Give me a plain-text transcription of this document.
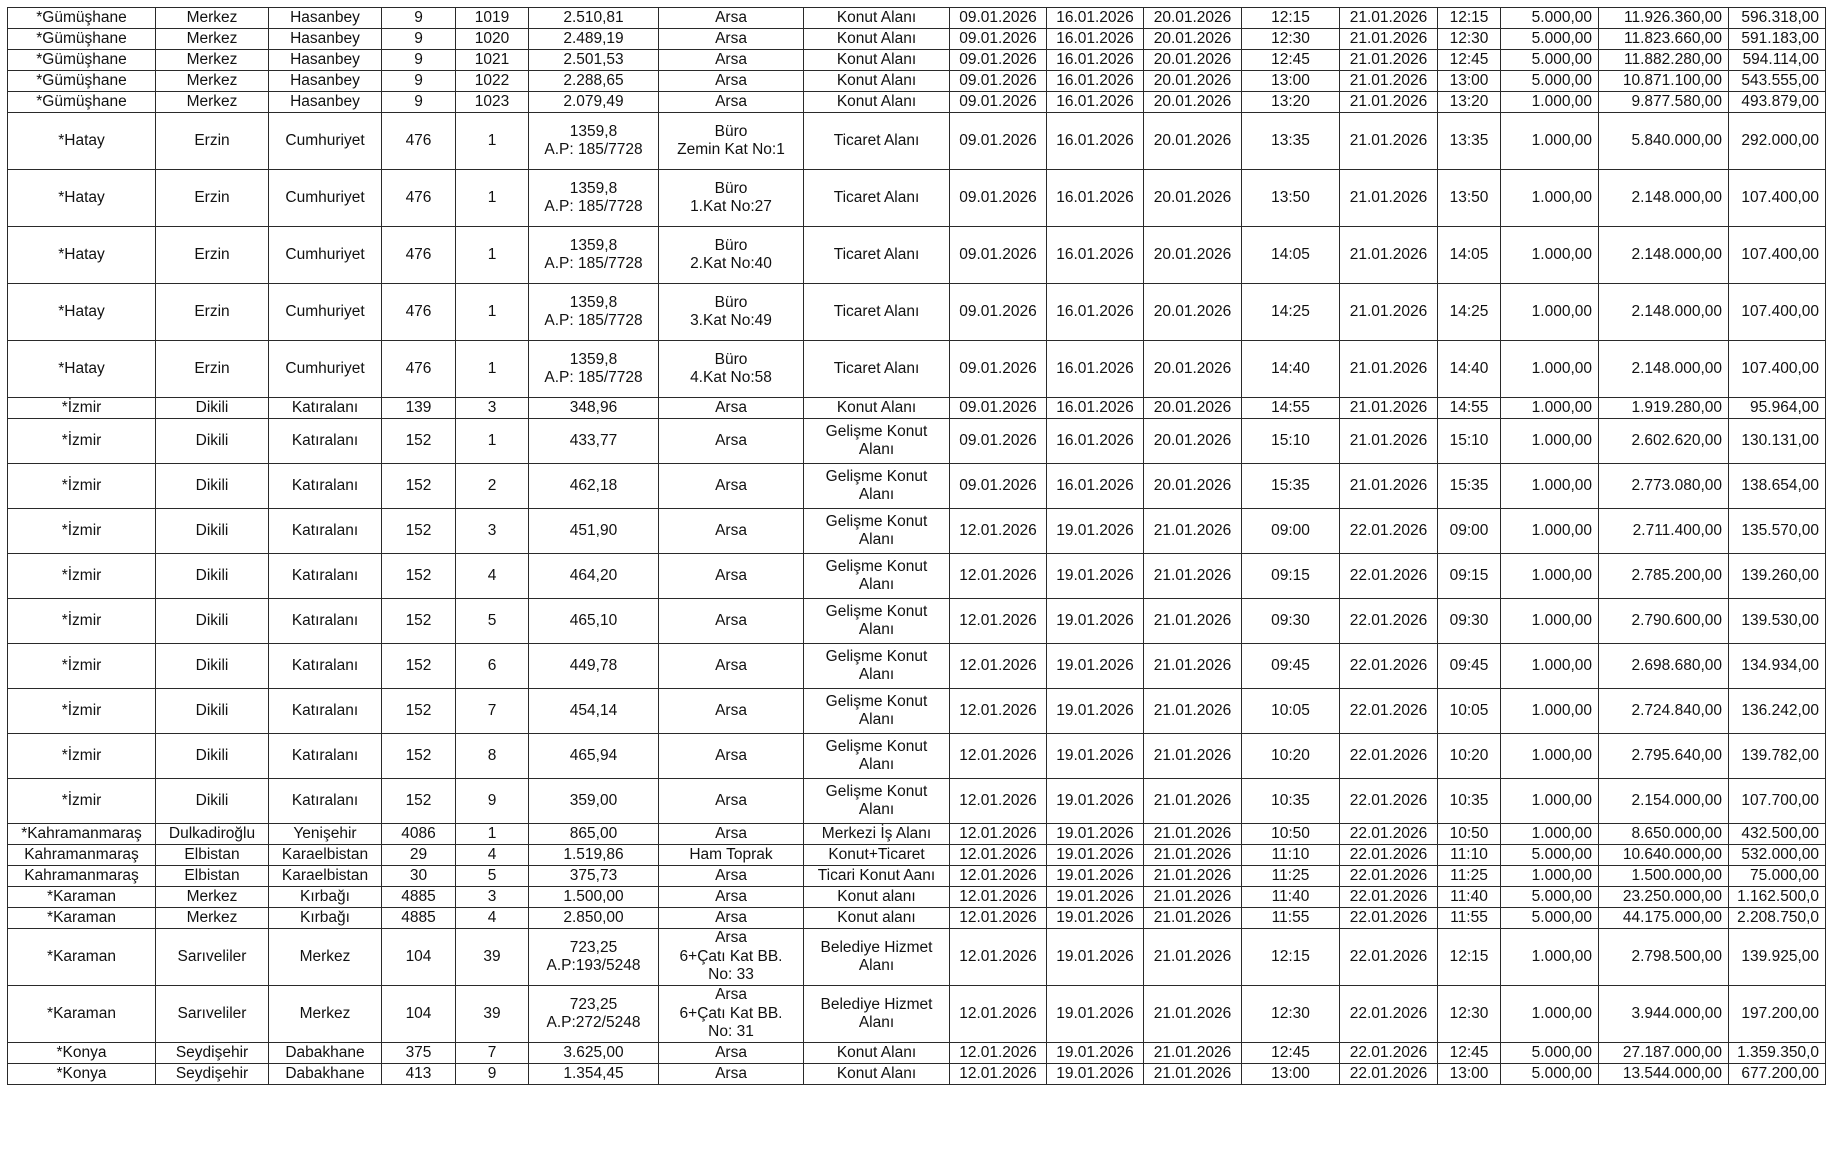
*Gümüşhane	Merkez	Hasanbey	9	1019	2.510,81	Arsa	Konut Alanı	09.01.2026	16.01.2026	20.01.2026	12:15	21.01.2026	12:15	5.000,00	11.926.360,00	596.318,00
*Gümüşhane	Merkez	Hasanbey	9	1020	2.489,19	Arsa	Konut Alanı	09.01.2026	16.01.2026	20.01.2026	12:30	21.01.2026	12:30	5.000,00	11.823.660,00	591.183,00
*Gümüşhane	Merkez	Hasanbey	9	1021	2.501,53	Arsa	Konut Alanı	09.01.2026	16.01.2026	20.01.2026	12:45	21.01.2026	12:45	5.000,00	11.882.280,00	594.114,00
*Gümüşhane	Merkez	Hasanbey	9	1022	2.288,65	Arsa	Konut Alanı	09.01.2026	16.01.2026	20.01.2026	13:00	21.01.2026	13:00	5.000,00	10.871.100,00	543.555,00
*Gümüşhane	Merkez	Hasanbey	9	1023	2.079,49	Arsa	Konut Alanı	09.01.2026	16.01.2026	20.01.2026	13:20	21.01.2026	13:20	1.000,00	9.877.580,00	493.879,00
*Hatay	Erzin	Cumhuriyet	476	1	1359,8
A.P: 185/7728	Büro
Zemin Kat No:1	Ticaret Alanı	09.01.2026	16.01.2026	20.01.2026	13:35	21.01.2026	13:35	1.000,00	5.840.000,00	292.000,00
*Hatay	Erzin	Cumhuriyet	476	1	1359,8
A.P: 185/7728	Büro
1.Kat No:27	Ticaret Alanı	09.01.2026	16.01.2026	20.01.2026	13:50	21.01.2026	13:50	1.000,00	2.148.000,00	107.400,00
*Hatay	Erzin	Cumhuriyet	476	1	1359,8
A.P: 185/7728	Büro
2.Kat No:40	Ticaret Alanı	09.01.2026	16.01.2026	20.01.2026	14:05	21.01.2026	14:05	1.000,00	2.148.000,00	107.400,00
*Hatay	Erzin	Cumhuriyet	476	1	1359,8
A.P: 185/7728	Büro
3.Kat No:49	Ticaret Alanı	09.01.2026	16.01.2026	20.01.2026	14:25	21.01.2026	14:25	1.000,00	2.148.000,00	107.400,00
*Hatay	Erzin	Cumhuriyet	476	1	1359,8
A.P: 185/7728	Büro
4.Kat No:58	Ticaret Alanı	09.01.2026	16.01.2026	20.01.2026	14:40	21.01.2026	14:40	1.000,00	2.148.000,00	107.400,00
*İzmir	Dikili	Katıralanı	139	3	348,96	Arsa	Konut Alanı	09.01.2026	16.01.2026	20.01.2026	14:55	21.01.2026	14:55	1.000,00	1.919.280,00	95.964,00
*İzmir	Dikili	Katıralanı	152	1	433,77	Arsa	Gelişme Konut
Alanı	09.01.2026	16.01.2026	20.01.2026	15:10	21.01.2026	15:10	1.000,00	2.602.620,00	130.131,00
*İzmir	Dikili	Katıralanı	152	2	462,18	Arsa	Gelişme Konut
Alanı	09.01.2026	16.01.2026	20.01.2026	15:35	21.01.2026	15:35	1.000,00	2.773.080,00	138.654,00
*İzmir	Dikili	Katıralanı	152	3	451,90	Arsa	Gelişme Konut
Alanı	12.01.2026	19.01.2026	21.01.2026	09:00	22.01.2026	09:00	1.000,00	2.711.400,00	135.570,00
*İzmir	Dikili	Katıralanı	152	4	464,20	Arsa	Gelişme Konut
Alanı	12.01.2026	19.01.2026	21.01.2026	09:15	22.01.2026	09:15	1.000,00	2.785.200,00	139.260,00
*İzmir	Dikili	Katıralanı	152	5	465,10	Arsa	Gelişme Konut
Alanı	12.01.2026	19.01.2026	21.01.2026	09:30	22.01.2026	09:30	1.000,00	2.790.600,00	139.530,00
*İzmir	Dikili	Katıralanı	152	6	449,78	Arsa	Gelişme Konut
Alanı	12.01.2026	19.01.2026	21.01.2026	09:45	22.01.2026	09:45	1.000,00	2.698.680,00	134.934,00
*İzmir	Dikili	Katıralanı	152	7	454,14	Arsa	Gelişme Konut
Alanı	12.01.2026	19.01.2026	21.01.2026	10:05	22.01.2026	10:05	1.000,00	2.724.840,00	136.242,00
*İzmir	Dikili	Katıralanı	152	8	465,94	Arsa	Gelişme Konut
Alanı	12.01.2026	19.01.2026	21.01.2026	10:20	22.01.2026	10:20	1.000,00	2.795.640,00	139.782,00
*İzmir	Dikili	Katıralanı	152	9	359,00	Arsa	Gelişme Konut
Alanı	12.01.2026	19.01.2026	21.01.2026	10:35	22.01.2026	10:35	1.000,00	2.154.000,00	107.700,00
*Kahramanmaraş	Dulkadiroğlu	Yenişehir	4086	1	865,00	Arsa	Merkezi İş Alanı	12.01.2026	19.01.2026	21.01.2026	10:50	22.01.2026	10:50	1.000,00	8.650.000,00	432.500,00
Kahramanmaraş	Elbistan	Karaelbistan	29	4	1.519,86	Ham Toprak	Konut+Ticaret	12.01.2026	19.01.2026	21.01.2026	11:10	22.01.2026	11:10	5.000,00	10.640.000,00	532.000,00
Kahramanmaraş	Elbistan	Karaelbistan	30	5	375,73	Arsa	Ticari Konut Aanı	12.01.2026	19.01.2026	21.01.2026	11:25	22.01.2026	11:25	1.000,00	1.500.000,00	75.000,00
*Karaman	Merkez	Kırbağı	4885	3	1.500,00	Arsa	Konut alanı	12.01.2026	19.01.2026	21.01.2026	11:40	22.01.2026	11:40	5.000,00	23.250.000,00	1.162.500,0
*Karaman	Merkez	Kırbağı	4885	4	2.850,00	Arsa	Konut alanı	12.01.2026	19.01.2026	21.01.2026	11:55	22.01.2026	11:55	5.000,00	44.175.000,00	2.208.750,0
*Karaman	Sarıveliler	Merkez	104	39	723,25
A.P:193/5248	Arsa
6+Çatı Kat BB.
No: 33	Belediye Hizmet
Alanı	12.01.2026	19.01.2026	21.01.2026	12:15	22.01.2026	12:15	1.000,00	2.798.500,00	139.925,00
*Karaman	Sarıveliler	Merkez	104	39	723,25
A.P:272/5248	Arsa
6+Çatı Kat BB.
No: 31	Belediye Hizmet
Alanı	12.01.2026	19.01.2026	21.01.2026	12:30	22.01.2026	12:30	1.000,00	3.944.000,00	197.200,00
*Konya	Seydişehir	Dabakhane	375	7	3.625,00	Arsa	Konut Alanı	12.01.2026	19.01.2026	21.01.2026	12:45	22.01.2026	12:45	5.000,00	27.187.000,00	1.359.350,0
*Konya	Seydişehir	Dabakhane	413	9	1.354,45	Arsa	Konut Alanı	12.01.2026	19.01.2026	21.01.2026	13:00	22.01.2026	13:00	5.000,00	13.544.000,00	677.200,00
